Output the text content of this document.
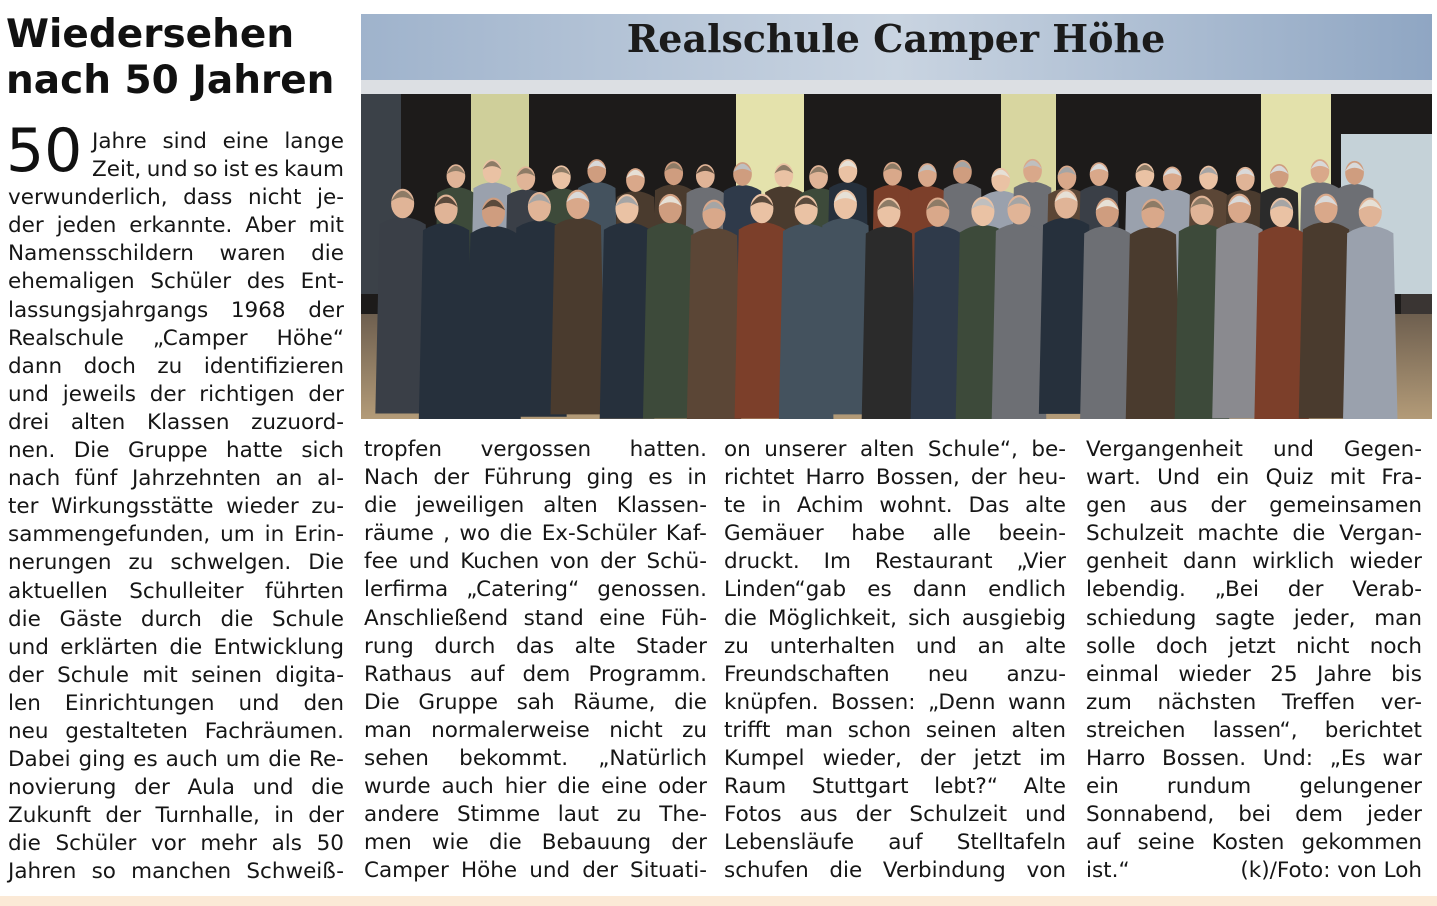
Wiedersehen
nach 50 Jahren
50 Jahre sind eine lange
Zeit, und so ist es kaum
verwunderlich, dass nicht je-
der jeden erkannte. Aber mit
Namensschildern waren die
ehemaligen Schüler des Ent-
lassungsjahrgangs 1968 der
Realschule „Camper Höhe“
dann doch zu identifizieren
und jeweils der richtigen der
drei alten Klassen zuzuord-
nen. Die Gruppe hatte sich
nach fünf Jahrzehnten an al-
ter Wirkungsstätte wieder zu-
sammengefunden, um in Erin-
nerungen zu schwelgen. Die
aktuellen Schulleiter führten
die Gäste durch die Schule
und erklärten die Entwicklung
der Schule mit seinen digita-
len Einrichtungen und den
neu gestalteten Fachräumen.
Dabei ging es auch um die Re-
novierung der Aula und die
Zukunft der Turnhalle, in der
die Schüler vor mehr als 50
Jahren so manchen Schweiß-
tropfen vergossen hatten.
Nach der Führung ging es in
die jeweiligen alten Klassen-
räume , wo die Ex-Schüler Kaf-
fee und Kuchen von der Schü-
lerfirma „Catering“ genossen.
Anschließend stand eine Füh-
rung durch das alte Stader
Rathaus auf dem Programm.
Die Gruppe sah Räume, die
man normalerweise nicht zu
sehen bekommt. „Natürlich
wurde auch hier die eine oder
andere Stimme laut zu The-
men wie die Bebauung der
Camper Höhe und der Situati-
on unserer alten Schule“, be-
richtet Harro Bossen, der heu-
te in Achim wohnt. Das alte
Gemäuer habe alle beein-
druckt. Im Restaurant „Vier
Linden“gab es dann endlich
die Möglichkeit, sich ausgiebig
zu unterhalten und an alte
Freundschaften neu anzu-
knüpfen. Bossen: „Denn wann
trifft man schon seinen alten
Kumpel wieder, der jetzt im
Raum Stuttgart lebt?“ Alte
Fotos aus der Schulzeit und
Lebensläufe auf Stelltafeln
schufen die Verbindung von
Vergangenheit und Gegen-
wart. Und ein Quiz mit Fra-
gen aus der gemeinsamen
Schulzeit machte die Vergan-
genheit dann wirklich wieder
lebendig. „Bei der Verab-
schiedung sagte jeder, man
solle doch jetzt nicht noch
einmal wieder 25 Jahre bis
zum nächsten Treffen ver-
streichen lassen“, berichtet
Harro Bossen. Und: „Es war
ein rundum gelungener
Sonnabend, bei dem jeder
auf seine Kosten gekommen
ist.“	(k)/Foto: von Loh
Realschule Camper Höhe
